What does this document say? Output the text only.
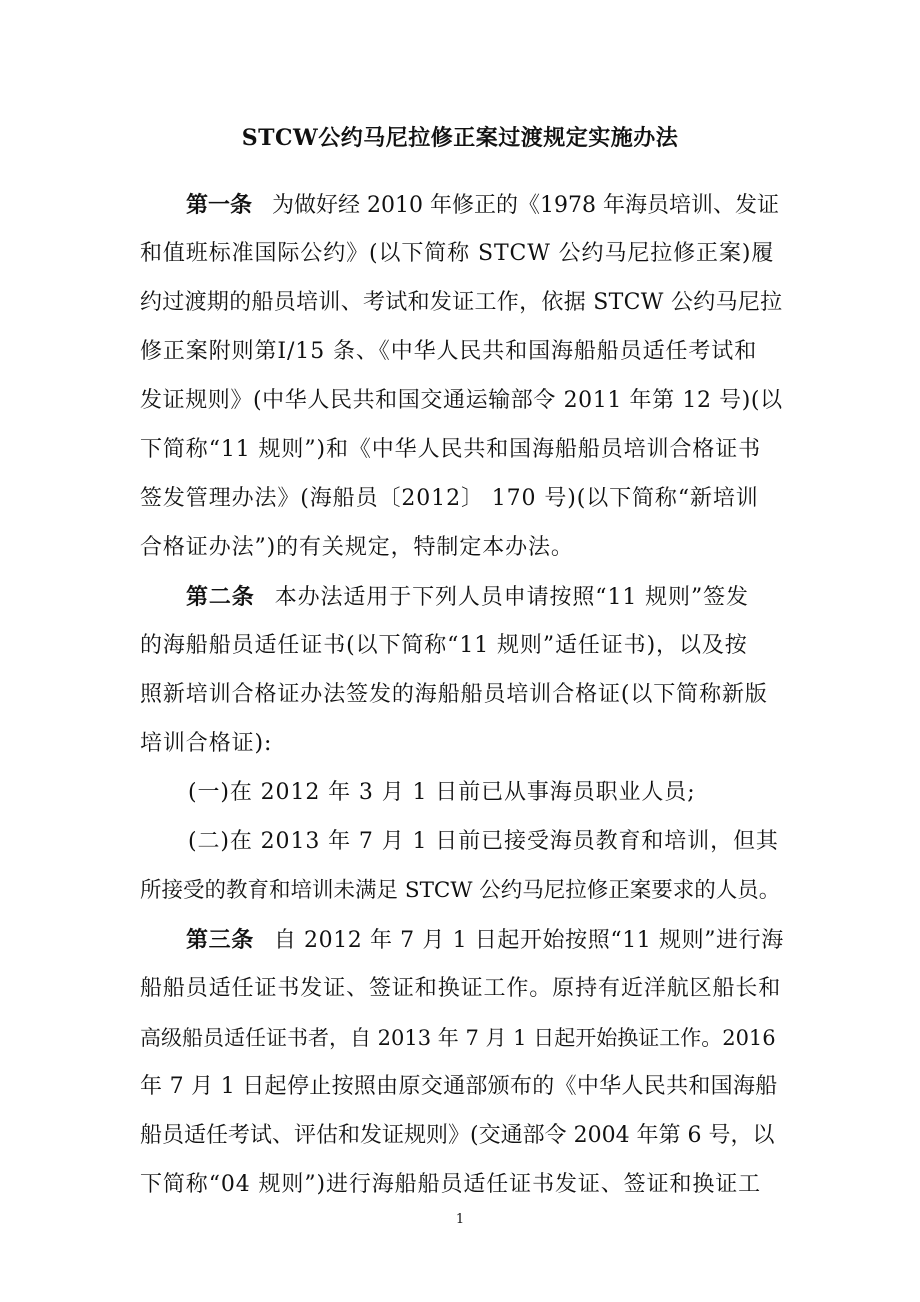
STCW公约马尼拉修正案过渡规定实施办法
第一条 为做好经 2010 年修正的《1978 年海员培训、发证
和值班标准国际公约》(以下简称 STCW 公约马尼拉修正案)履
约过渡期的船员培训、考试和发证工作，依据 STCW 公约马尼拉
修正案附则第Ⅰ/15 条、《中华人民共和国海船船员适任考试和
发证规则》(中华人民共和国交通运输部令 2011 年第 12 号)(以
下简称“11 规则”)和《中华人民共和国海船船员培训合格证书
签发管理办法》(海船员〔2012〕 170 号)(以下简称“新培训
合格证办法”)的有关规定，特制定本办法。
第二条 本办法适用于下列人员申请按照“11 规则”签发
的海船船员适任证书(以下简称“11 规则”适任证书)，以及按
照新培训合格证办法签发的海船船员培训合格证(以下简称新版
培训合格证):
(一)在 2012 年 3 月 1 日前已从事海员职业人员;
(二)在 2013 年 7 月 1 日前已接受海员教育和培训，但其
所接受的教育和培训未满足 STCW 公约马尼拉修正案要求的人员。
第三条 自 2012 年 7 月 1 日起开始按照“11 规则”进行海
船船员适任证书发证、签证和换证工作。原持有近洋航区船长和
高级船员适任证书者，自 2013 年 7 月 1 日起开始换证工作。2016
年 7 月 1 日起停止按照由原交通部颁布的《中华人民共和国海船
船员适任考试、评估和发证规则》(交通部令 2004 年第 6 号，以
下简称“04 规则”)进行海船船员适任证书发证、签证和换证工
1
